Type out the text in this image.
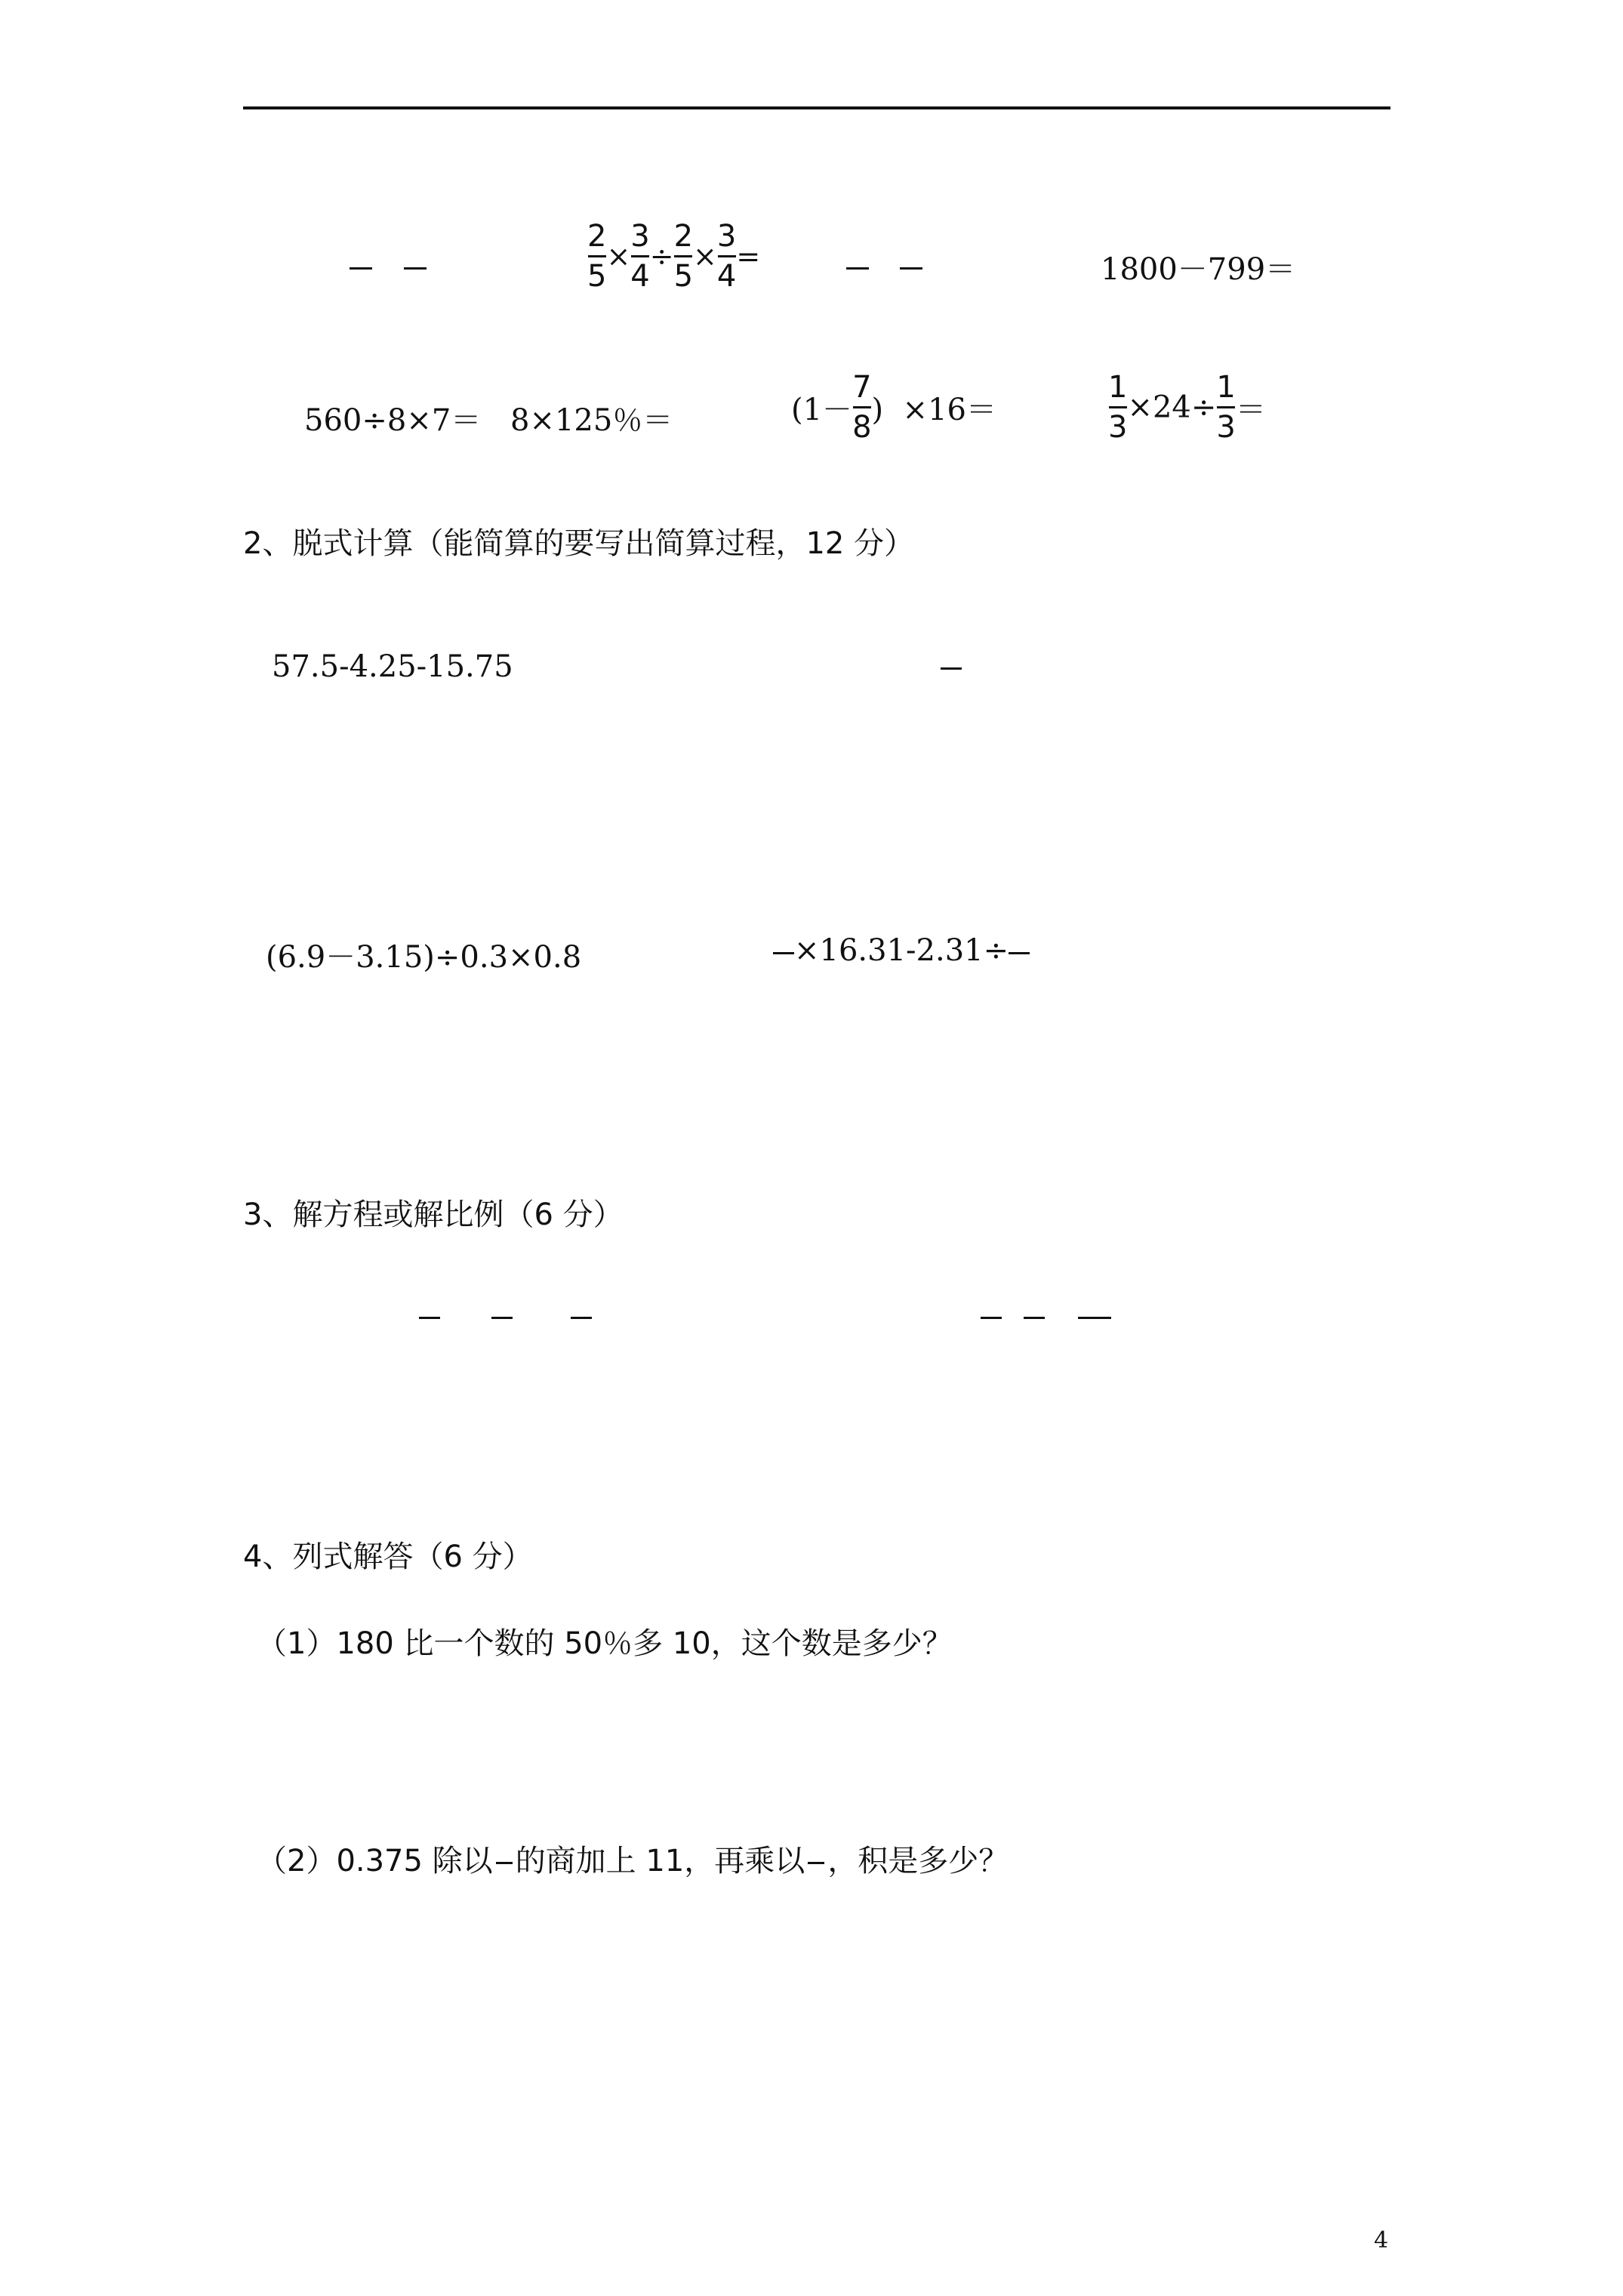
$\frac{2}{5} \times \frac{3}{4} \div \frac{2}{5} \times \frac{3}{4}$ =	1800－799＝
560÷8×7＝ 8×125％＝	($1- \frac{7}{8}$ )  ×16＝	$\frac{1}{3} \times 24\div \frac{1}{3}$ ＝
2、脱式计算（能简算的要写出简算过程，12 分）
57.5-4.25-15.75
(6.9－3.15)÷0.3×0.8	×16.31-2.31÷
3、解方程或解比例（6 分）
4、列式解答（6 分）
（1）180 比一个数的 50％多 10，这个数是多少？
（2）0.375 除以 的商加上 11，再乘以 ，积是多少？
4
